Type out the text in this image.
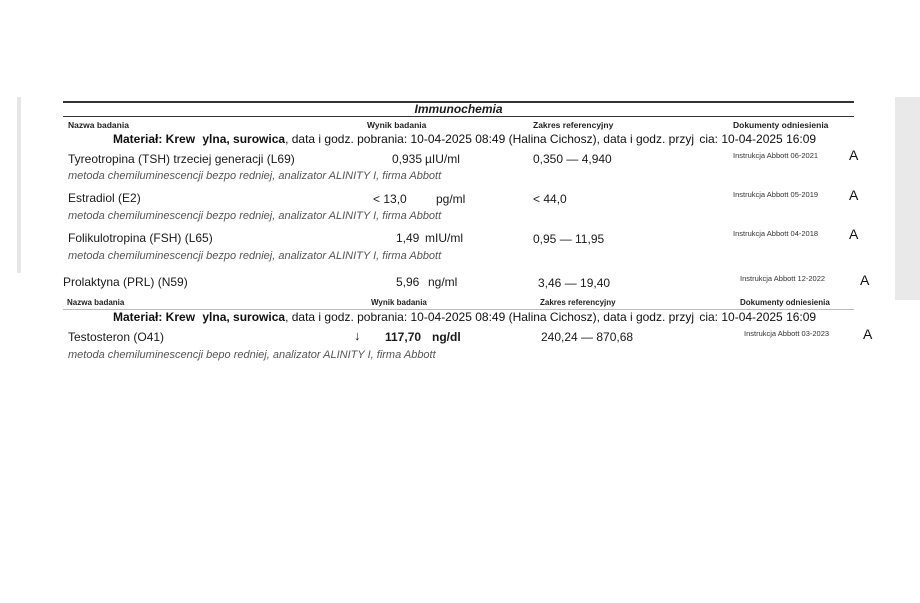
Immunochemia
Nazwa badania	Wynik badania	Zakres referencyjny	Dokumenty odniesienia
Materiał: Krew ylna, surowica, data i godz. pobrania: 10-04-2025 08:49 (Halina Cichosz), data i godz. przyj cia: 10-04-2025 16:09
Tyreotropina (TSH) trzeciej generacji (L69)	0,935 µIU/ml	0,350 — 4,940	Instrukcja Abbott 06-2021 A
metoda chemiluminescencji bezpo redniej, analizator ALINITY I, firma Abbott
Estradiol (E2)	< 13,0 pg/ml	< 44,0	Instrukcja Abbott 05-2019 A
metoda chemiluminescencji bezpo redniej, analizator ALINITY I, firma Abbott
Folikulotropina (FSH) (L65)	1,49 mIU/ml	0,95 — 11,95	Instrukcja Abbott 04-2018 A
metoda chemiluminescencji bezpo redniej, analizator ALINITY I, firma Abbott
Prolaktyna (PRL) (N59)	5,96 ng/ml	3,46 — 19,40	Instrukcja Abbott 12-2022 A
Nazwa badania	Wynik badania	Zakres referencyjny	Dokumenty odniesienia
Materiał: Krew ylna, surowica, data i godz. pobrania: 10-04-2025 08:49 (Halina Cichosz), data i godz. przyj cia: 10-04-2025 16:09
Testosteron (O41)	↓ 117,70 ng/dl	240,24 — 870,68	Instrukcja Abbott 03-2023 A
metoda chemiluminescencji bepo redniej, analizator ALINITY I, firma Abbott
